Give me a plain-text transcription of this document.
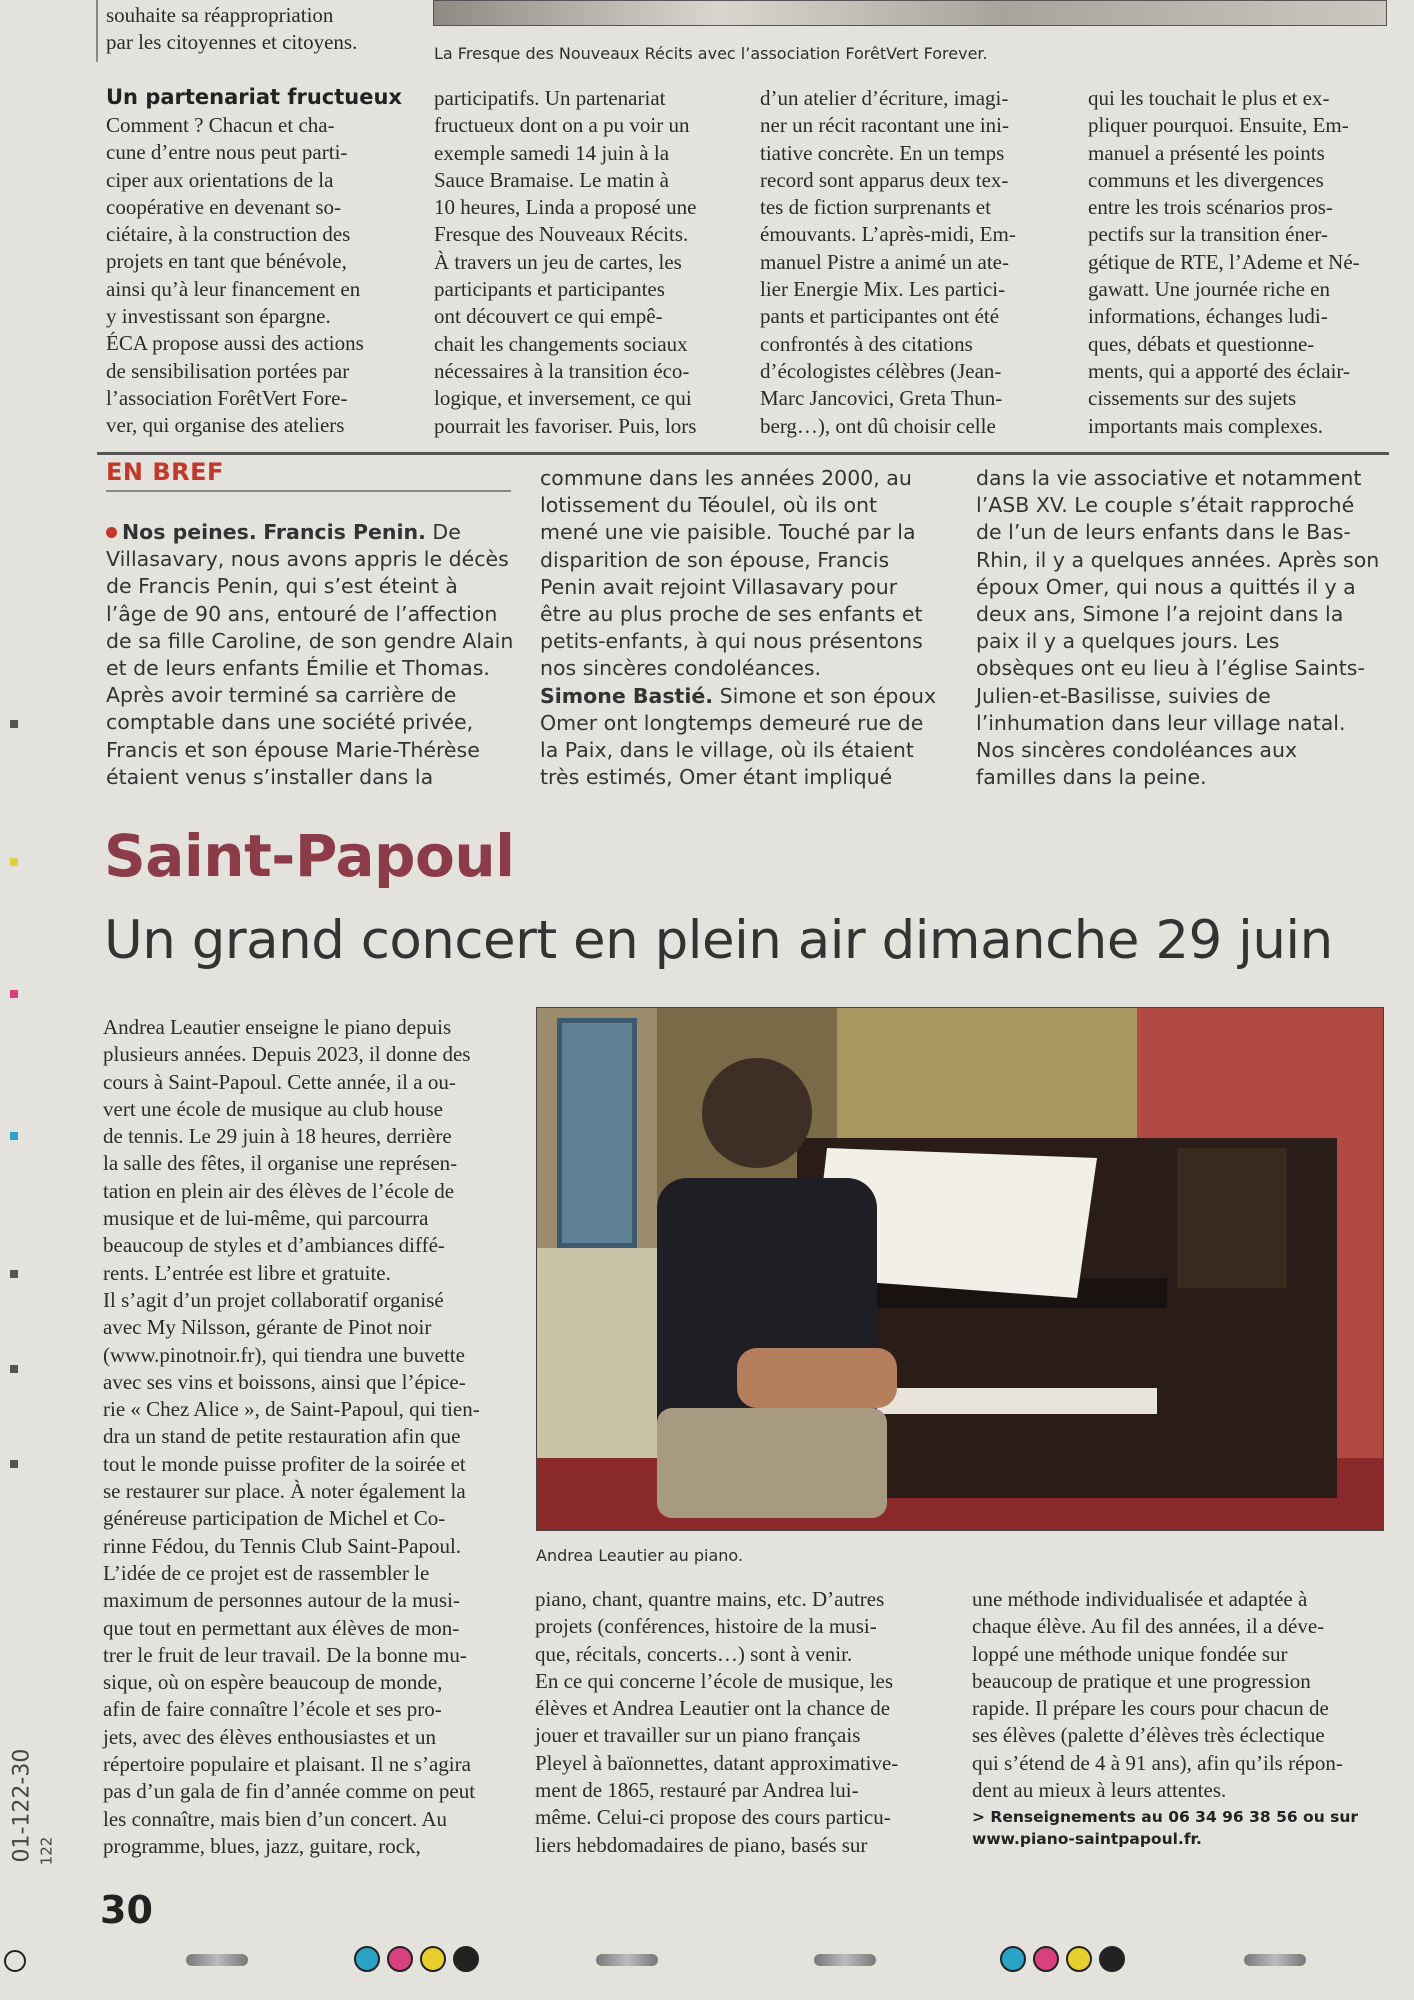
souhaite sa réappropriation

par les citoyennes et citoyens.	La Fresque des Nouveaux Récits avec l’association ForêtVert Forever.
Un partenariat fructueux

Comment ? Chacun et cha-

cune d’entre nous peut parti-

ciper aux orientations de la

coopérative en devenant so-

ciétaire, à la construction des

projets en tant que bénévole,

ainsi qu’à leur financement en

y investissant son épargne.

ÉCA propose aussi des actions

de sensibilisation portées par

l’association ForêtVert Fore-

ver, qui organise des ateliers

participatifs. Un partenariat

fructueux dont on a pu voir un

exemple samedi 14 juin à la

Sauce Bramaise. Le matin à

10 heures, Linda a proposé une

Fresque des Nouveaux Récits.

À travers un jeu de cartes, les

participants et participantes

ont découvert ce qui empê-

chait les changements sociaux

nécessaires à la transition éco-

logique, et inversement, ce qui

pourrait les favoriser. Puis, lors

d’un atelier d’écriture, imagi-

ner un récit racontant une ini-

tiative concrète. En un temps

record sont apparus deux tex-

tes de fiction surprenants et

émouvants. L’après-midi, Em-

manuel Pistre a animé un ate-

lier Energie Mix. Les partici-

pants et participantes ont été

confrontés à des citations

d’écologistes célèbres (Jean-

Marc Jancovici, Greta Thun-

berg…), ont dû choisir celle

qui les touchait le plus et ex-

pliquer pourquoi. Ensuite, Em-

manuel a présenté les points

communs et les divergences

entre les trois scénarios pros-

pectifs sur la transition éner-

gétique de RTE, l’Ademe et Né-

gawatt. Une journée riche en

informations, échanges ludi-

ques, débats et questionne-

ments, qui a apporté des éclair-

cissements sur des sujets

importants mais complexes.

EN BREF

Nos peines. Francis Penin. De

Villasavary, nous avons appris le décès

de Francis Penin, qui s’est éteint à

l’âge de 90 ans, entouré de l’affection

de sa fille Caroline, de son gendre Alain

et de leurs enfants Émilie et Thomas.

Après avoir terminé sa carrière de

comptable dans une société privée,

Francis et son épouse Marie-Thérèse

étaient venus s’installer dans la

commune dans les années 2000, au

lotissement du Téoulel, où ils ont

mené une vie paisible. Touché par la

disparition de son épouse, Francis

Penin avait rejoint Villasavary pour

être au plus proche de ses enfants et

petits-enfants, à qui nous présentons

nos sincères condoléances.

Simone Bastié. Simone et son époux

Omer ont longtemps demeuré rue de

la Paix, dans le village, où ils étaient

très estimés, Omer étant impliqué

dans la vie associative et notamment

l’ASB XV. Le couple s’était rapproché

de l’un de leurs enfants dans le Bas-

Rhin, il y a quelques années. Après son

époux Omer, qui nous a quittés il y a

deux ans, Simone l’a rejoint dans la

paix il y a quelques jours. Les

obsèques ont eu lieu à l’église Saints-

Julien-et-Basilisse, suivies de

l’inhumation dans leur village natal.

Nos sincères condoléances aux

familles dans la peine.

Saint-Papoul
Un grand concert en plein air dimanche 29 juin

Andrea Leautier enseigne le piano depuis

plusieurs années. Depuis 2023, il donne des

cours à Saint-Papoul. Cette année, il a ou-

vert une école de musique au club house

de tennis. Le 29 juin à 18 heures, derrière

la salle des fêtes, il organise une représen-

tation en plein air des élèves de l’école de

musique et de lui-même, qui parcourra

beaucoup de styles et d’ambiances diffé-

rents. L’entrée est libre et gratuite.

Il s’agit d’un projet collaboratif organisé

avec My Nilsson, gérante de Pinot noir

(www.pinotnoir.fr), qui tiendra une buvette

avec ses vins et boissons, ainsi que l’épice-

rie « Chez Alice », de Saint-Papoul, qui tien-

dra un stand de petite restauration afin que

tout le monde puisse profiter de la soirée et

se restaurer sur place. À noter également la

généreuse participation de Michel et Co-

rinne Fédou, du Tennis Club Saint-Papoul.

L’idée de ce projet est de rassembler le

maximum de personnes autour de la musi-

que tout en permettant aux élèves de mon-

trer le fruit de leur travail. De la bonne mu-

sique, où on espère beaucoup de monde,

afin de faire connaître l’école et ses pro-

jets, avec des élèves enthousiastes et un

répertoire populaire et plaisant. Il ne s’agira

pas d’un gala de fin d’année comme on peut

les connaître, mais bien d’un concert. Au

programme, blues, jazz, guitare, rock,

Andrea Leautier au piano.

piano, chant, quantre mains, etc. D’autres

projets (conférences, histoire de la musi-

que, récitals, concerts…) sont à venir.

En ce qui concerne l’école de musique, les

élèves et Andrea Leautier ont la chance de

jouer et travailler sur un piano français

Pleyel à baïonnettes, datant approximative-

ment de 1865, restauré par Andrea lui-

même. Celui-ci propose des cours particu-

liers hebdomadaires de piano, basés sur

une méthode individualisée et adaptée à

chaque élève. Au fil des années, il a déve-

loppé une méthode unique fondée sur

beaucoup de pratique et une progression

rapide. Il prépare les cours pour chacun de

ses élèves (palette d’élèves très éclectique

qui s’étend de 4 à 91 ans), afin qu’ils répon-

dent au mieux à leurs attentes.

> Renseignements au 06 34 96 38 56 ou sur
www.piano-saintpapoul.fr.
30
01-122-30 122
